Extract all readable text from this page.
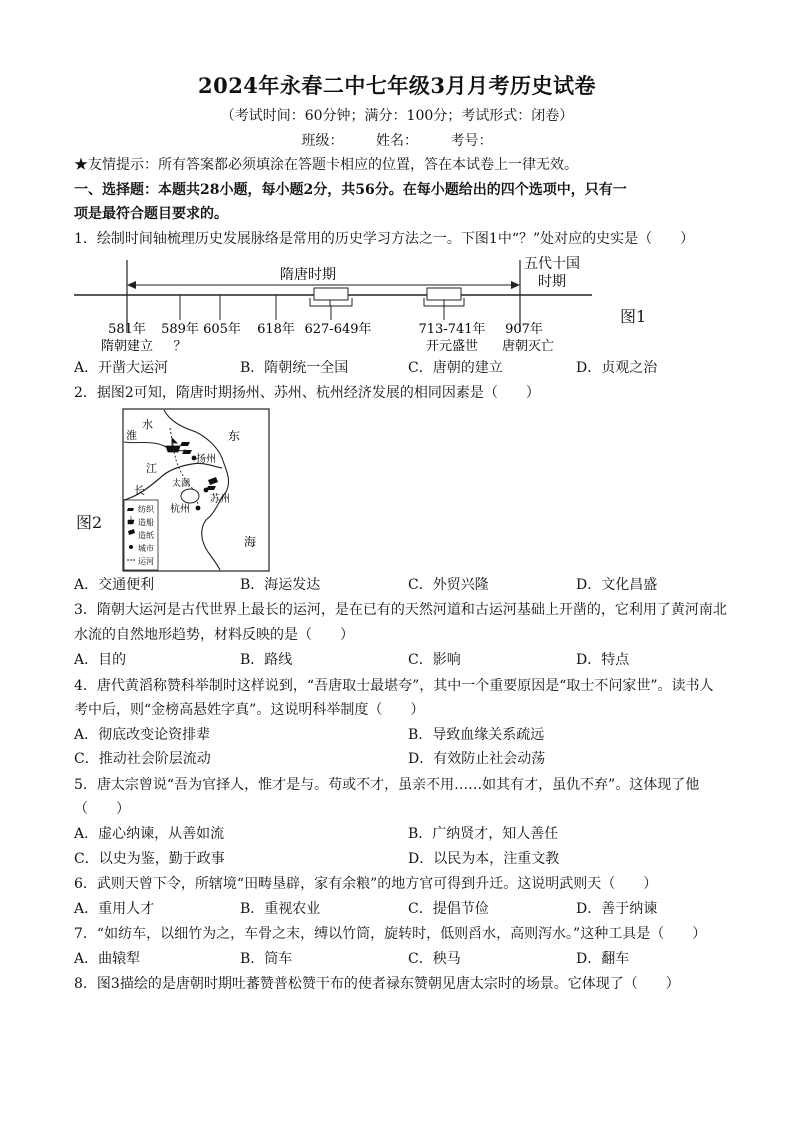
2024年永春二中七年级3月月考历史试卷
（考试时间：60分钟；满分：100分；考试形式：闭卷）
班级： 姓名： 考号：
★友情提示：所有答案都必须填涂在答题卡相应的位置，答在本试卷上一律无效。
一、选择题：本题共28小题，每小题2分，共56分。在每小题给出的四个选项中，只有一
项是最符合题目要求的。
1．绘制时间轴梳理历史发展脉络是常用的历史学习方法之一。下图1中“？”处对应的史实是（　　）
隋唐时期
五代十国
时期
581年
隋朝建立
589年
？
605年 618年 627-649年	713-741年
开元盛世
907年
唐朝灭亡
图1
A．开凿大运河	B．隋朝统一全国	C．唐朝的建立	D．贞观之治
2．据图2可知，隋唐时期扬州、苏州、杭州经济发展的相同因素是（　　）
图2
淮
水
东
江
长
扬州
太湖
苏州
杭州
海
纺织
造船
造纸
城市
运河
A．交通便利	B．海运发达	C．外贸兴隆	D．文化昌盛
3．隋朝大运河是古代世界上最长的运河，是在已有的天然河道和古运河基础上开凿的，它利用了黄河南北
水流的自然地形趋势，材料反映的是（　　）
A．目的	B．路线	C．影响	D．特点
4．唐代黄滔称赞科举制时这样说到，“吾唐取士最堪夸”，其中一个重要原因是“取士不问家世”。读书人
考中后，则“金榜高悬姓字真”。这说明科举制度（　　）
A．彻底改变论资排辈	B．导致血缘关系疏远
C．推动社会阶层流动	D．有效防止社会动荡
5．唐太宗曾说“吾为官择人，惟才是与。苟或不才，虽亲不用……如其有才，虽仇不弃”。这体现了他
（　　）
A．虚心纳谏，从善如流	B．广纳贤才，知人善任
C．以史为鉴，勤于政事	D．以民为本，注重文教
6．武则天曾下令，所辖境“田畴垦辟，家有余粮”的地方官可得到升迁。这说明武则天（　　）
A．重用人才	B．重视农业	C．提倡节俭	D．善于纳谏
7．“如纺车，以细竹为之，车骨之末，缚以竹筒，旋转时，低则舀水，高则泻水。”这种工具是（　　）
A．曲辕犁	B．筒车	C．秧马	D．翻车
8．图3描绘的是唐朝时期吐蕃赞普松赞干布的使者禄东赞朝见唐太宗时的场景。它体现了（　　）
